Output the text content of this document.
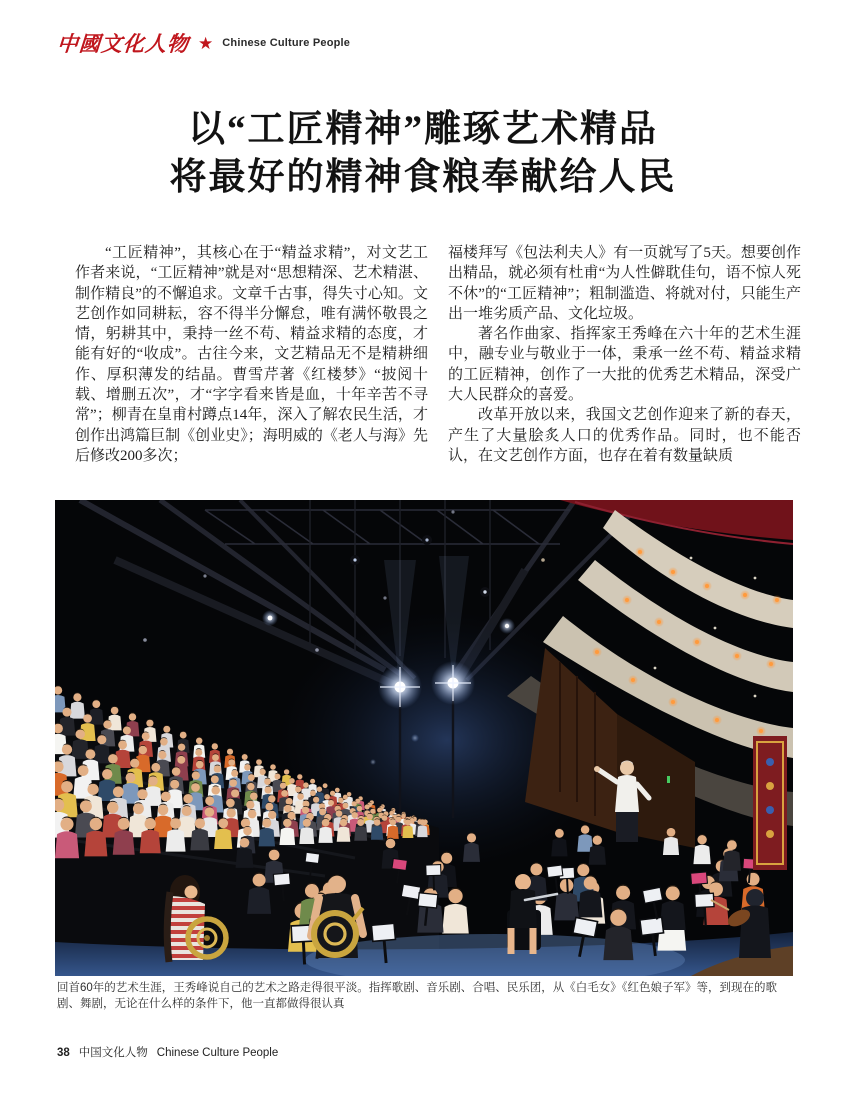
中國文化人物 ★ Chinese Culture People
以“工匠精神”雕琢艺术精品
将最好的精神食粮奉献给人民

“工匠精神”，其核心在于“精益求精”，对文艺工作者来说，“工匠精神”就是对“思想精深、艺术精湛、制作精良”的不懈追求。文章千古事，得失寸心知。文艺创作如同耕耘，容不得半分懈怠，唯有满怀敬畏之情，躬耕其中，秉持一丝不苟、精益求精的态度，才能有好的“收成”。古往今来，文艺精品无不是精耕细作、厚积薄发的结晶。曹雪芹著《红楼梦》“披阅十载、增删五次”，才“字字看来皆是血，十年辛苦不寻常”；柳青在皇甫村蹲点14年，深入了解农民生活，才创作出鸿篇巨制《创业史》；海明威的《老人与海》先后修改200多次；

福楼拜写《包法利夫人》有一页就写了5天。想要创作出精品，就必须有杜甫“为人性僻耽佳句，语不惊人死不休”的“工匠精神”；粗制滥造、将就对付，只能生产出一堆劣质产品、文化垃圾。

著名作曲家、指挥家王秀峰在六十年的艺术生涯中，融专业与敬业于一体，秉承一丝不苟、精益求精的工匠精神，创作了一大批的优秀艺术精品，深受广大人民群众的喜爱。

改革开放以来，我国文艺创作迎来了新的春天，产生了大量脍炙人口的优秀作品。同时，也不能否认，在文艺创作方面，也存在着有数量缺质

回首60年的艺术生涯，王秀峰说自己的艺术之路走得很平淡。指挥歌剧、音乐剧、合唱、民乐团，从《白毛女》《红色娘子军》等，到现在的歌剧、舞剧，无论在什么样的条件下，他一直都做得很认真
38 中国文化人物 Chinese Culture People
